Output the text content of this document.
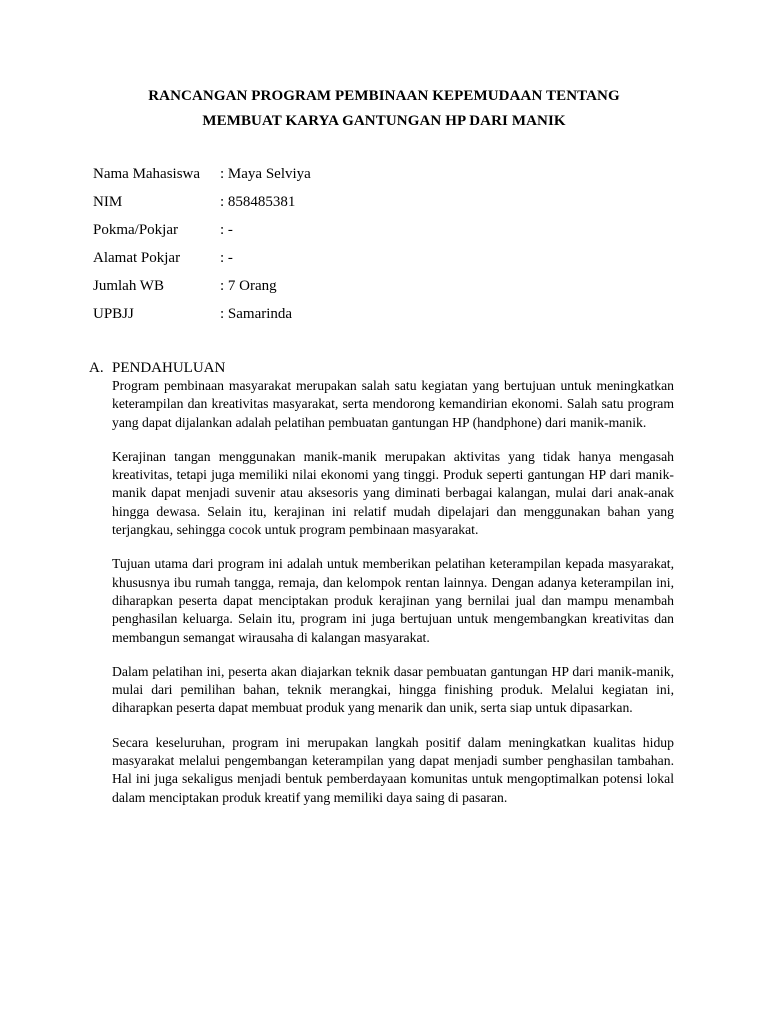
RANCANGAN PROGRAM PEMBINAAN KEPEMUDAAN TENTANG
MEMBUAT KARYA GANTUNGAN HP DARI MANIK
Nama Mahasiswa : Maya Selviya
NIM	: 858485381
Pokma/Pokjar	: -
Alamat Pokjar	: -
Jumlah WB	: 7 Orang
UPBJJ	: Samarinda
A. PENDAHULUAN

Program pembinaan masyarakat merupakan salah satu kegiatan yang bertujuan untuk meningkatkan keterampilan dan kreativitas masyarakat, serta mendorong kemandirian ekonomi. Salah satu program yang dapat dijalankan adalah pelatihan pembuatan gantungan HP (handphone) dari manik-manik.

Kerajinan tangan menggunakan manik-manik merupakan aktivitas yang tidak hanya mengasah kreativitas, tetapi juga memiliki nilai ekonomi yang tinggi. Produk seperti gantungan HP dari manik-manik dapat menjadi suvenir atau aksesoris yang diminati berbagai kalangan, mulai dari anak-anak hingga dewasa. Selain itu, kerajinan ini relatif mudah dipelajari dan menggunakan bahan yang terjangkau, sehingga cocok untuk program pembinaan masyarakat.

Tujuan utama dari program ini adalah untuk memberikan pelatihan keterampilan kepada masyarakat, khususnya ibu rumah tangga, remaja, dan kelompok rentan lainnya. Dengan adanya keterampilan ini, diharapkan peserta dapat menciptakan produk kerajinan yang bernilai jual dan mampu menambah penghasilan keluarga. Selain itu, program ini juga bertujuan untuk mengembangkan kreativitas dan membangun semangat wirausaha di kalangan masyarakat.

Dalam pelatihan ini, peserta akan diajarkan teknik dasar pembuatan gantungan HP dari manik-manik, mulai dari pemilihan bahan, teknik merangkai, hingga finishing produk. Melalui kegiatan ini, diharapkan peserta dapat membuat produk yang menarik dan unik, serta siap untuk dipasarkan.

Secara keseluruhan, program ini merupakan langkah positif dalam meningkatkan kualitas hidup masyarakat melalui pengembangan keterampilan yang dapat menjadi sumber penghasilan tambahan. Hal ini juga sekaligus menjadi bentuk pemberdayaan komunitas untuk mengoptimalkan potensi lokal dalam menciptakan produk kreatif yang memiliki daya saing di pasaran.
